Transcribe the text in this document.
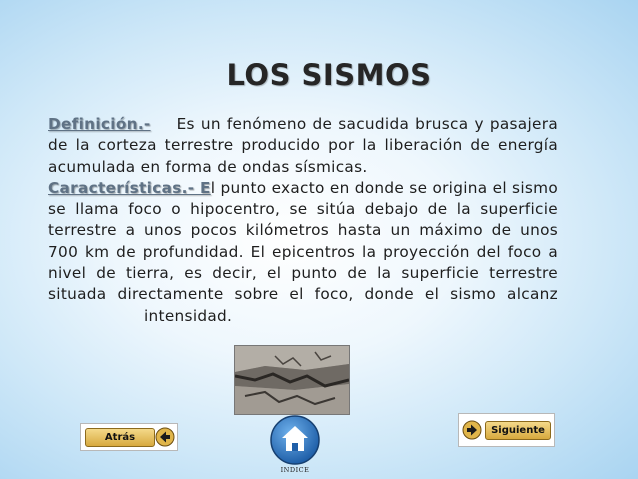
LOS SISMOS

Definición.- Es un fenómeno de sacudida brusca y pasajera de la corteza terrestre producido por la liberación de energía acumulada en forma de ondas sísmicas.

Características.- El punto exacto en donde se origina el sismo se llama foco o hipocentro, se sitúa debajo de la superficie terrestre a unos pocos kilómetros hasta un máximo de unos 700 km de profundidad. El epicentros la proyección del foco a nivel de tierra, es decir, el punto de la superficie terrestre situada directamente sobre el foco, donde el sismo alcanzintensidad.

Atrás
INDICE
Siguiente
